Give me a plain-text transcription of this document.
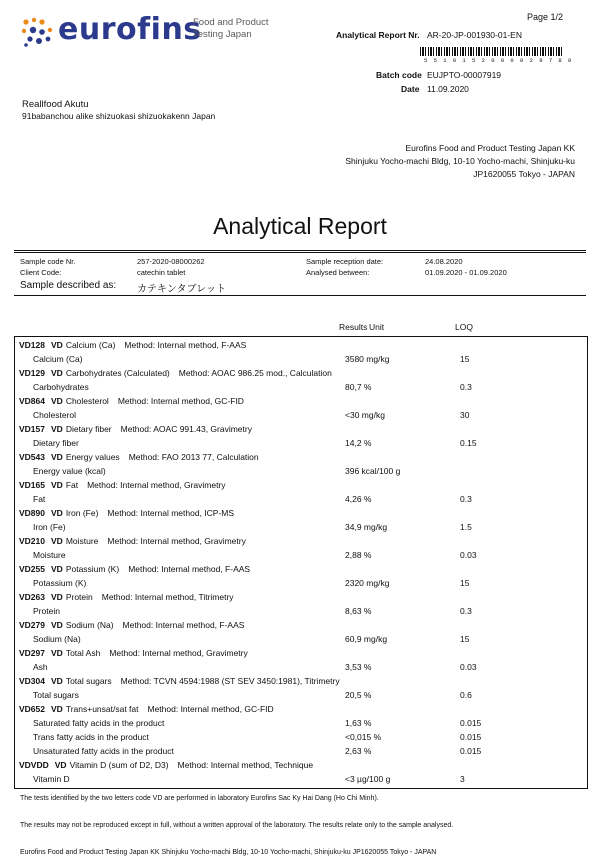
eurofins
Food and Product
Testing Japan
Page 1/2
Analytical Report Nr. AR-20-JP-001930-01-EN
5 5 1 0 1 5 2 0 0 0 0 2 9 7 8 0
Batch code EUJPTO-00007919
Date 11.09.2020
Reallfood Akutu
91babanchou alike shizuokasi shizuokakenn Japan
Eurofins Food and Product Testing Japan KK
Shinjuku Yocho-machi Bldg, 10-10 Yocho-machi, Shinjuku-ku
JP1620055 Tokyo - JAPAN
Analytical Report
Sample code Nr.	257-2020-08000262
Client Code:	catechin tablet
Sample described as: カテキンタブレット
Sample reception date:	24.08.2020
Analysed between:	01.09.2020 - 01.09.2020
Results Unit	LOQ
VD128 VD Calcium (Ca) Method: Internal method, F-AAS
Calcium (Ca)	3580 mg/kg	15
VD129 VD Carbohydrates (Calculated) Method: AOAC 986.25 mod., Calculation
Carbohydrates	80,7 %	0.3
VD864 VD Cholesterol Method: Internal method, GC-FID
Cholesterol	<30 mg/kg	30
VD157 VD Dietary fiber Method: AOAC 991.43, Gravimetry
Dietary fiber	14,2 %	0.15
VD543 VD Energy values Method: FAO 2013 77, Calculation
Energy value (kcal)	396 kcal/100 g
VD165 VD Fat Method: Internal method, Gravimetry
Fat	4,26 %	0.3
VD890 VD Iron (Fe) Method: Internal method, ICP-MS
Iron (Fe)	34,9 mg/kg	1.5
VD210 VD Moisture Method: Internal method, Gravimetry
Moisture	2,88 %	0.03
VD255 VD Potassium (K) Method: Internal method, F-AAS
Potassium (K)	2320 mg/kg	15
VD263 VD Protein Method: Internal method, Titrimetry
Protein	8,63 %	0.3
VD279 VD Sodium (Na) Method: Internal method, F-AAS
Sodium (Na)	60,9 mg/kg	15
VD297 VD Total Ash Method: Internal method, Gravimetry
Ash	3,53 %	0.03
VD304 VD Total sugars Method: TCVN 4594:1988 (ST SEV 3450:1981), Titrimetry
Total sugars	20,5 %	0.6
VD652 VD Trans+unsat/sat fat Method: Internal method, GC-FID
Saturated fatty acids in the product	1,63 %	0.015
Trans fatty acids in the product	<0,015 %	0.015
Unsaturated fatty acids in the product	2,63 %	0.015
VDVDD VD Vitamin D (sum of D2, D3) Method: Internal method, Technique
Vitamin D	<3 µg/100 g	3
The tests identified by the two letters code VD are performed in laboratory Eurofins Sac Ky Hai Dang (Ho Chi Minh).
The results may not be reproduced except in full, without a written approval of the laboratory. The results relate only to the sample analysed.
Eurofins Food and Product Testing Japan KK Shinjuku Yocho-machi Bldg, 10-10 Yocho-machi, Shinjuku-ku JP1620055 Tokyo - JAPAN
